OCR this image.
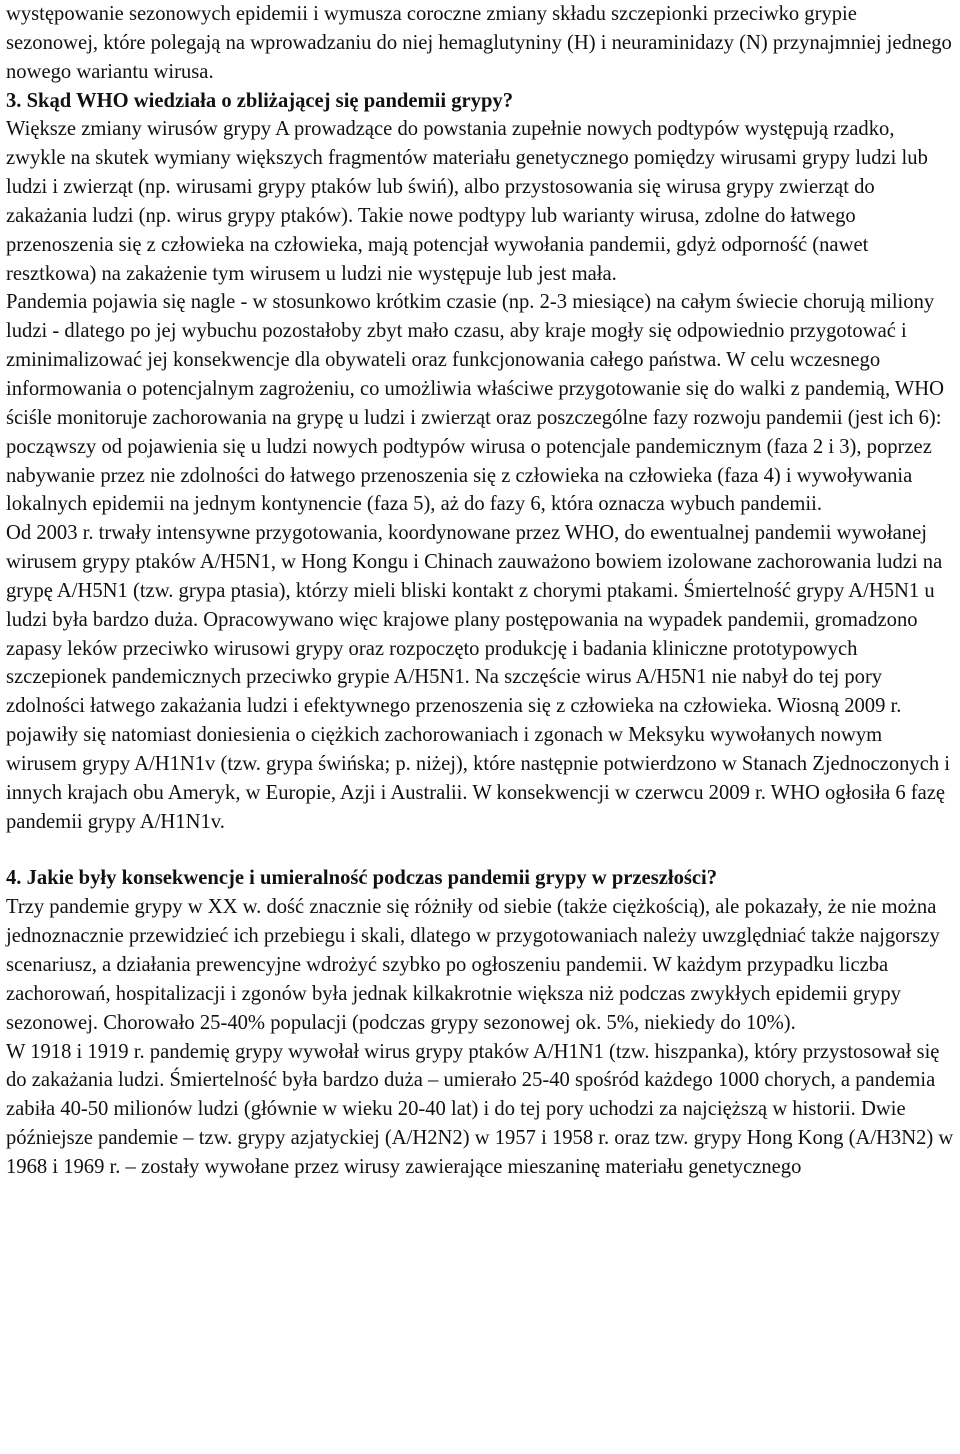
występowanie sezonowych epidemii i wymusza coroczne zmiany składu szczepionki przeciwko grypie sezonowej, które polegają na wprowadzaniu do niej hemaglutyniny (H) i neuraminidazy (N) przynajmniej jednego nowego wariantu wirusa.

3. Skąd WHO wiedziała o zbliżającej się pandemii grypy?

Większe zmiany wirusów grypy A prowadzące do powstania zupełnie nowych podtypów występują rzadko, zwykle na skutek wymiany większych fragmentów materiału genetycznego pomiędzy wirusami grypy ludzi lub ludzi i zwierząt (np. wirusami grypy ptaków lub świń), albo przystosowania się wirusa grypy zwierząt do zakażania ludzi (np. wirus grypy ptaków). Takie nowe podtypy lub warianty wirusa, zdolne do łatwego przenoszenia się z człowieka na człowieka, mają potencjał wywołania pandemii, gdyż odporność (nawet resztkowa) na zakażenie tym wirusem u ludzi nie występuje lub jest mała.

Pandemia pojawia się nagle - w stosunkowo krótkim czasie (np. 2-3 miesiące) na całym świecie chorują miliony ludzi - dlatego po jej wybuchu pozostałoby zbyt mało czasu, aby kraje mogły się odpowiednio przygotować i zminimalizować jej konsekwencje dla obywateli oraz funkcjonowania całego państwa. W celu wczesnego informowania o potencjalnym zagrożeniu, co umożliwia właściwe przygotowanie się do walki z pandemią, WHO ściśle monitoruje zachorowania na grypę u ludzi i zwierząt oraz poszczególne fazy rozwoju pandemii (jest ich 6): począwszy od pojawienia się u ludzi nowych podtypów wirusa o potencjale pandemicznym (faza 2 i 3), poprzez nabywanie przez nie zdolności do łatwego przenoszenia się z człowieka na człowieka (faza 4) i wywoływania lokalnych epidemii na jednym kontynencie (faza 5), aż do fazy 6, która oznacza wybuch pandemii.

Od 2003 r. trwały intensywne przygotowania, koordynowane przez WHO, do ewentualnej pandemii wywołanej wirusem grypy ptaków A/H5N1, w Hong Kongu i Chinach zauważono bowiem izolowane zachorowania ludzi na grypę A/H5N1 (tzw. grypa ptasia), którzy mieli bliski kontakt z chorymi ptakami. Śmiertelność grypy A/H5N1 u ludzi była bardzo duża. Opracowywano więc krajowe plany postępowania na wypadek pandemii, gromadzono zapasy leków przeciwko wirusowi grypy oraz rozpoczęto produkcję i badania kliniczne prototypowych szczepionek pandemicznych przeciwko grypie A/H5N1. Na szczęście wirus A/H5N1 nie nabył do tej pory zdolności łatwego zakażania ludzi i efektywnego przenoszenia się z człowieka na człowieka. Wiosną 2009 r. pojawiły się natomiast doniesienia o ciężkich zachorowaniach i zgonach w Meksyku wywołanych nowym wirusem grypy A/H1N1v (tzw. grypa świńska; p. niżej), które następnie potwierdzono w Stanach Zjednoczonych i innych krajach obu Ameryk, w Europie, Azji i Australii. W konsekwencji w czerwcu 2009 r. WHO ogłosiła 6 fazę pandemii grypy A/H1N1v.

4. Jakie były konsekwencje i umieralność podczas pandemii grypy w przeszłości?

Trzy pandemie grypy w XX w. dość znacznie się różniły od siebie (także ciężkością), ale pokazały, że nie można jednoznacznie przewidzieć ich przebiegu i skali, dlatego w przygotowaniach należy uwzględniać także najgorszy scenariusz, a działania prewencyjne wdrożyć szybko po ogłoszeniu pandemii. W każdym przypadku liczba zachorowań, hospitalizacji i zgonów była jednak kilkakrotnie większa niż podczas zwykłych epidemii grypy sezonowej. Chorowało 25-40% populacji (podczas grypy sezonowej ok. 5%, niekiedy do 10%).

W 1918 i 1919 r. pandemię grypy wywołał wirus grypy ptaków A/H1N1 (tzw. hiszpanka), który przystosował się do zakażania ludzi. Śmiertelność była bardzo duża – umierało 25-40 spośród każdego 1000 chorych, a pandemia zabiła 40-50 milionów ludzi (głównie w wieku 20-40 lat) i do tej pory uchodzi za najcięższą w historii. Dwie późniejsze pandemie – tzw. grypy azjatyckiej (A/H2N2) w 1957 i 1958 r. oraz tzw. grypy Hong Kong (A/H3N2) w 1968 i 1969 r. – zostały wywołane przez wirusy zawierające mieszaninę materiału genetycznego
